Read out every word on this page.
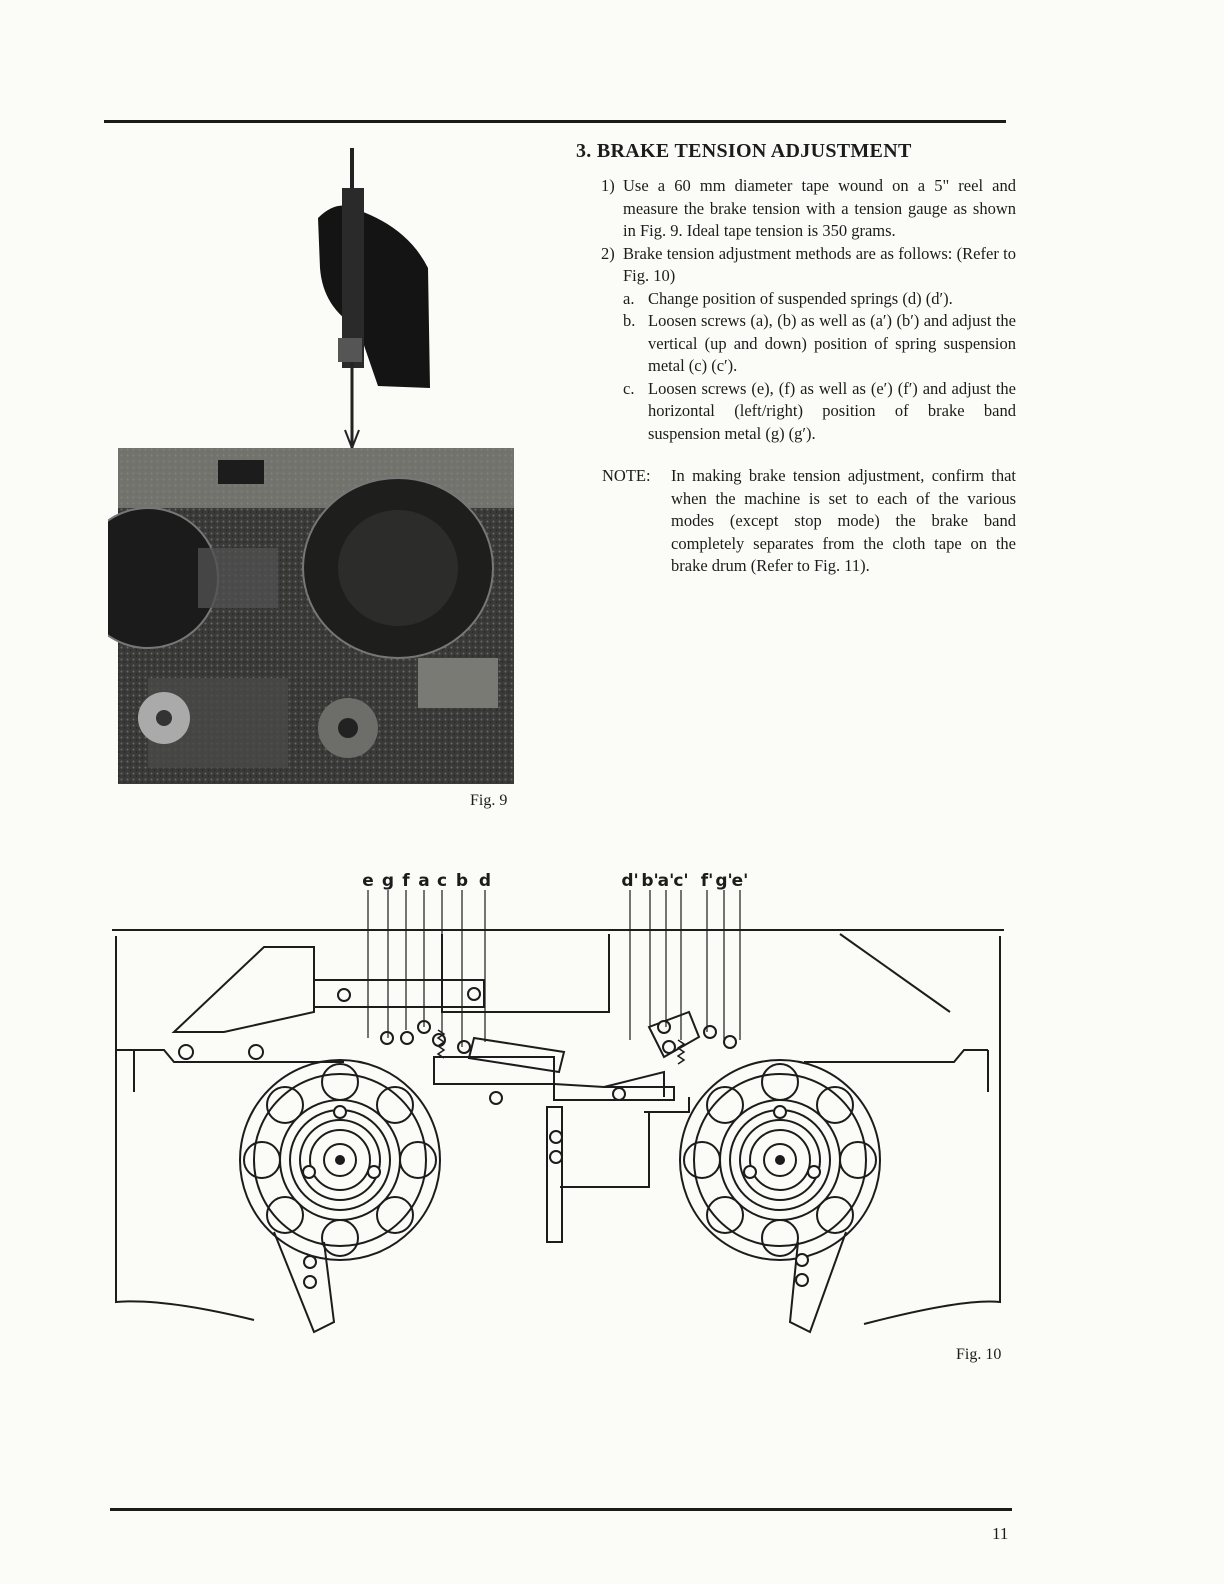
Fig. 9
3. BRAKE TENSION ADJUSTMENT
1) Use a 60 mm diameter tape wound on a 5" reel and measure the brake tension with a tension gauge as shown in Fig. 9. Ideal tape tension is 350 grams.
2) Brake tension adjustment methods are as follows: (Refer to Fig. 10)
a. Change position of suspended springs (d) (d′).
b. Loosen screws (a), (b) as well as (a′) (b′) and adjust the vertical (up and down) position of spring suspension metal (c) (c′).
c. Loosen screws (e), (f) as well as (e′) (f′) and adjust the horizontal (left/right) position of brake band suspension metal (g) (g′).
NOTE: In making brake tension adjustment, confirm that when the machine is set to each of the various modes (except stop mode) the brake band completely separates from the cloth tape on the brake drum (Refer to Fig. 11).
e g f a c b d	d' b'
a' c' f' g'
e'
Fig. 10
11
